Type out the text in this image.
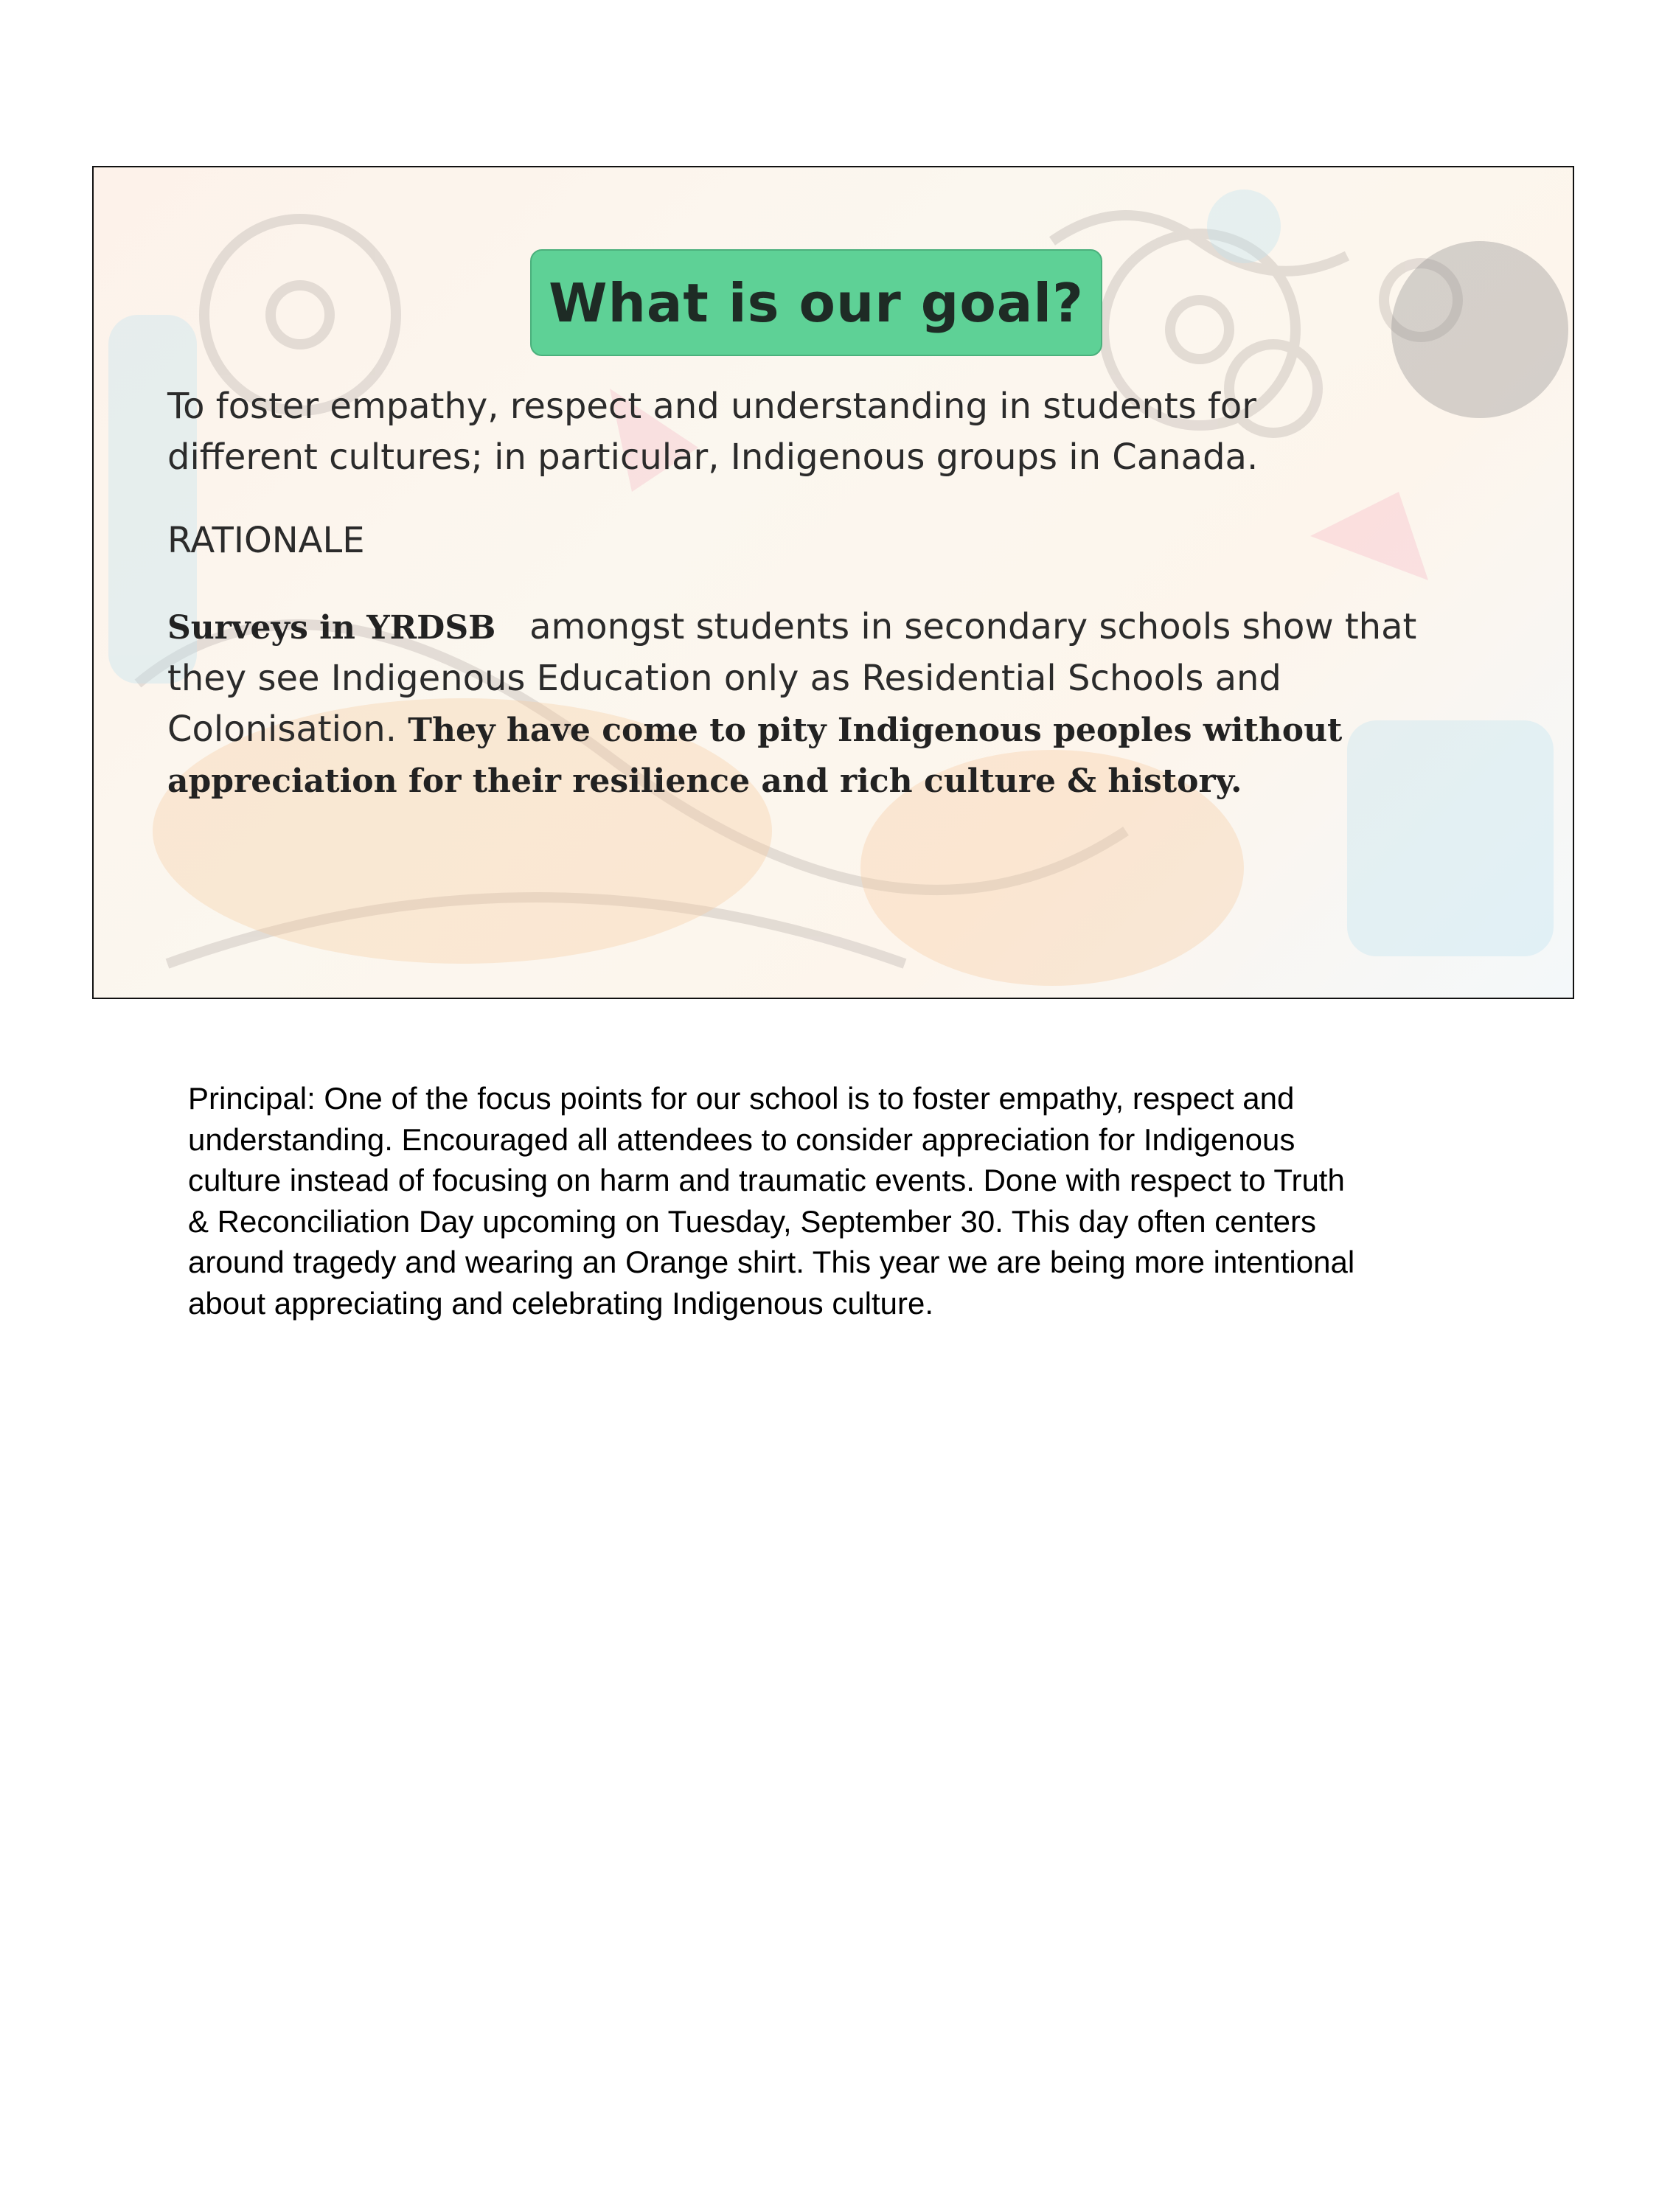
What is our goal?
To foster empathy, respect and understanding in students for
different cultures; in particular, Indigenous groups in Canada.
RATIONALE
Surveys in YRDSB amongst students in secondary schools show that
they see Indigenous Education only as Residential Schools and
Colonisation. They have come to pity Indigenous peoples without
appreciation for their resilience and rich culture & history.
Principal: One of the focus points for our school is to foster empathy, respect and
understanding. Encouraged all attendees to consider appreciation for Indigenous
culture instead of focusing on harm and traumatic events. Done with respect to Truth
& Reconciliation Day upcoming on Tuesday, September 30. This day often centers
around tragedy and wearing an Orange shirt. This year we are being more intentional
about appreciating and celebrating Indigenous culture.
